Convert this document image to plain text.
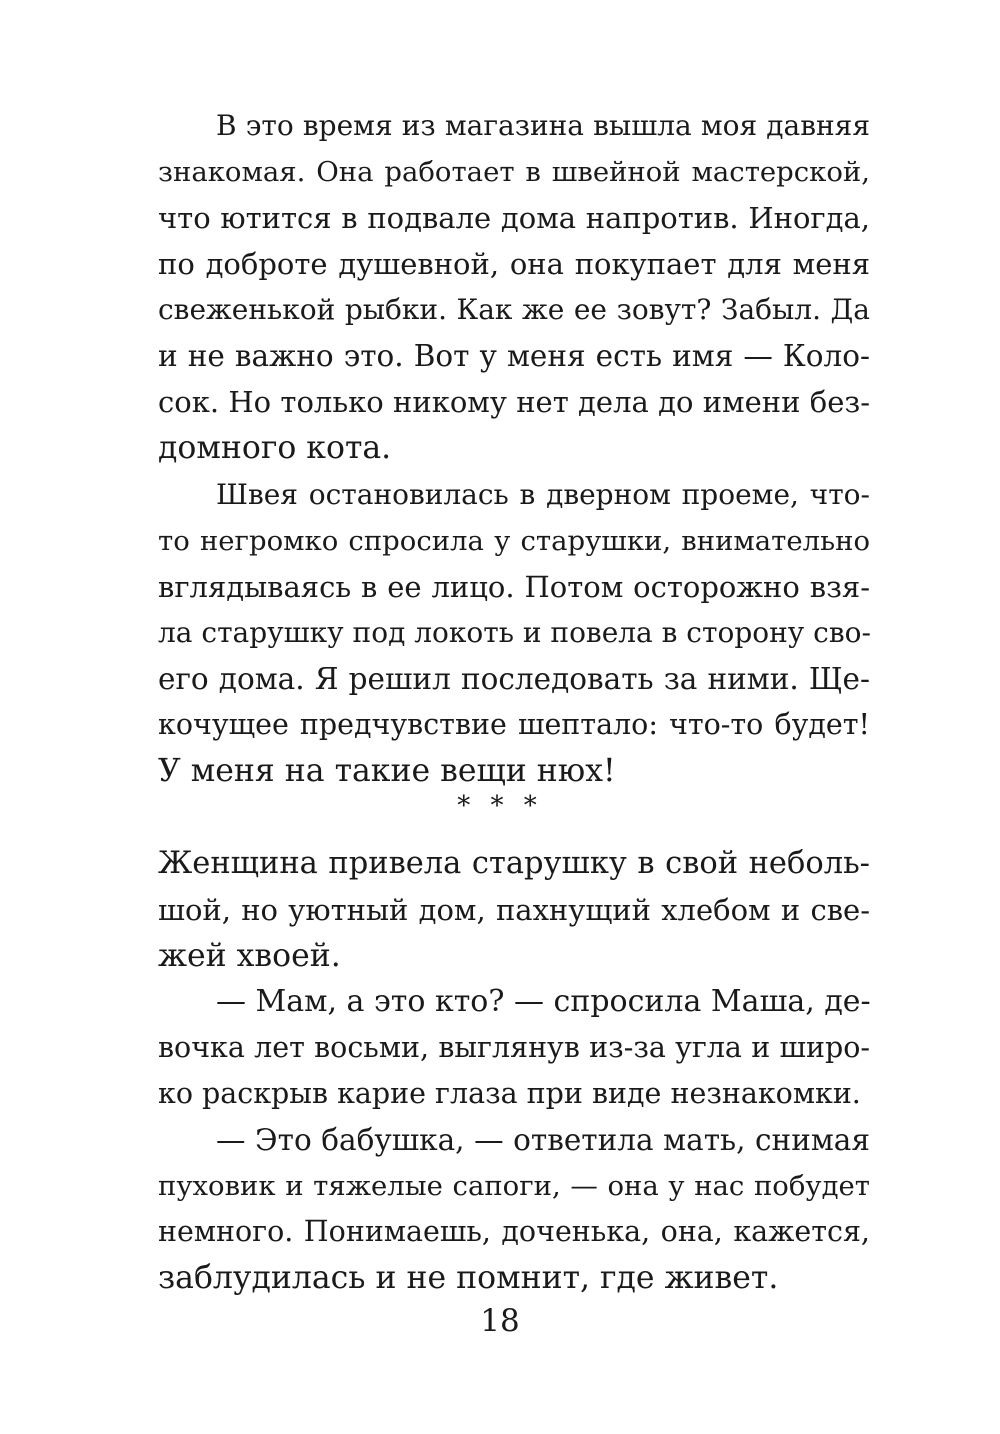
В это время из магазина вышла моя давняя
знакомая. Она работает в швейной мастерской,
что ютится в подвале дома напротив. Иногда,
по доброте душевной, она покупает для меня
свеженькой рыбки. Как же ее зовут? Забыл. Да
и не важно это. Вот у меня есть имя — Коло-
сок. Но только никому нет дела до имени без-
домного кота.
Швея остановилась в дверном проеме, что-
то негромко спросила у старушки, внимательно
вглядываясь в ее лицо. Потом осторожно взя-
ла старушку под локоть и повела в сторону сво-
его дома. Я решил последовать за ними. Ще-
кочущее предчувствие шептало: что-то будет!
У меня на такие вещи нюх!
* * *
Женщина привела старушку в свой неболь-
шой, но уютный дом, пахнущий хлебом и све-
жей хвоей.
— Мам, а это кто? — спросила Маша, де-
вочка лет восьми, выглянув из-за угла и широ-
ко раскрыв карие глаза при виде незнакомки.
— Это бабушка, — ответила мать, снимая
пуховик и тяжелые сапоги, — она у нас побудет
немного. Понимаешь, доченька, она, кажется,
заблудилась и не помнит, где живет.
18
